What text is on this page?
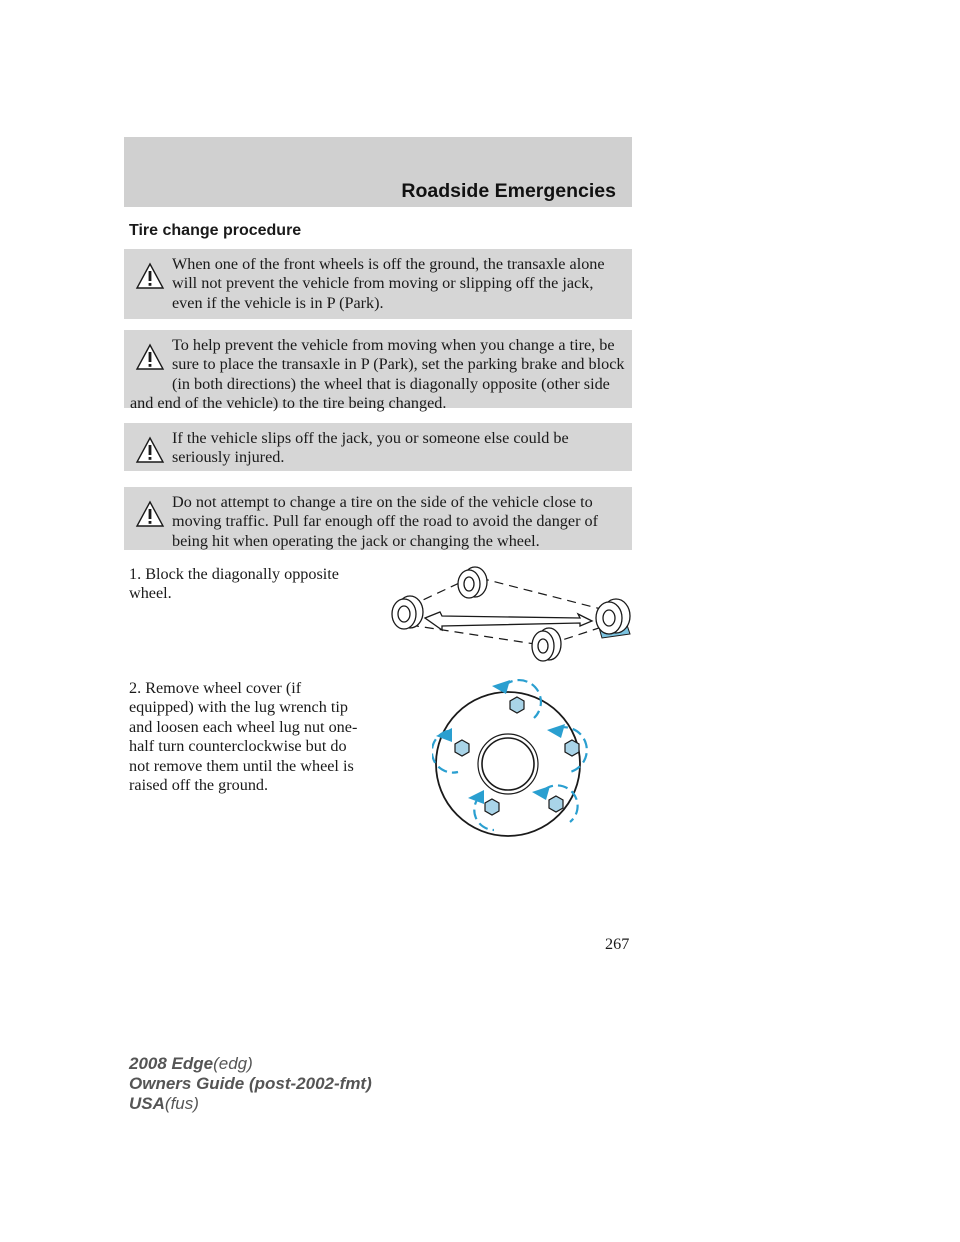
Roadside Emergencies
Tire change procedure
When one of the front wheels is off the ground, the transaxle alone will not prevent the vehicle from moving or slipping off the jack, even if the vehicle is in P (Park).
To help prevent the vehicle from moving when you change a tire, be sure to place the transaxle in P (Park), set the parking brake and block (in both directions) the wheel that is diagonally opposite (other side and end of the vehicle) to the tire being changed.
If the vehicle slips off the jack, you or someone else could be seriously injured.
Do not attempt to change a tire on the side of the vehicle close to moving traffic. Pull far enough off the road to avoid the danger of being hit when operating the jack or changing the wheel.
1. Block the diagonally opposite wheel.
2. Remove wheel cover (if equipped) with the lug wrench tip and loosen each wheel lug nut one-half turn counterclockwise but do not remove them until the wheel is raised off the ground.
267
2008 Edge(edg)
Owners Guide (post-2002-fmt)
USA(fus)
